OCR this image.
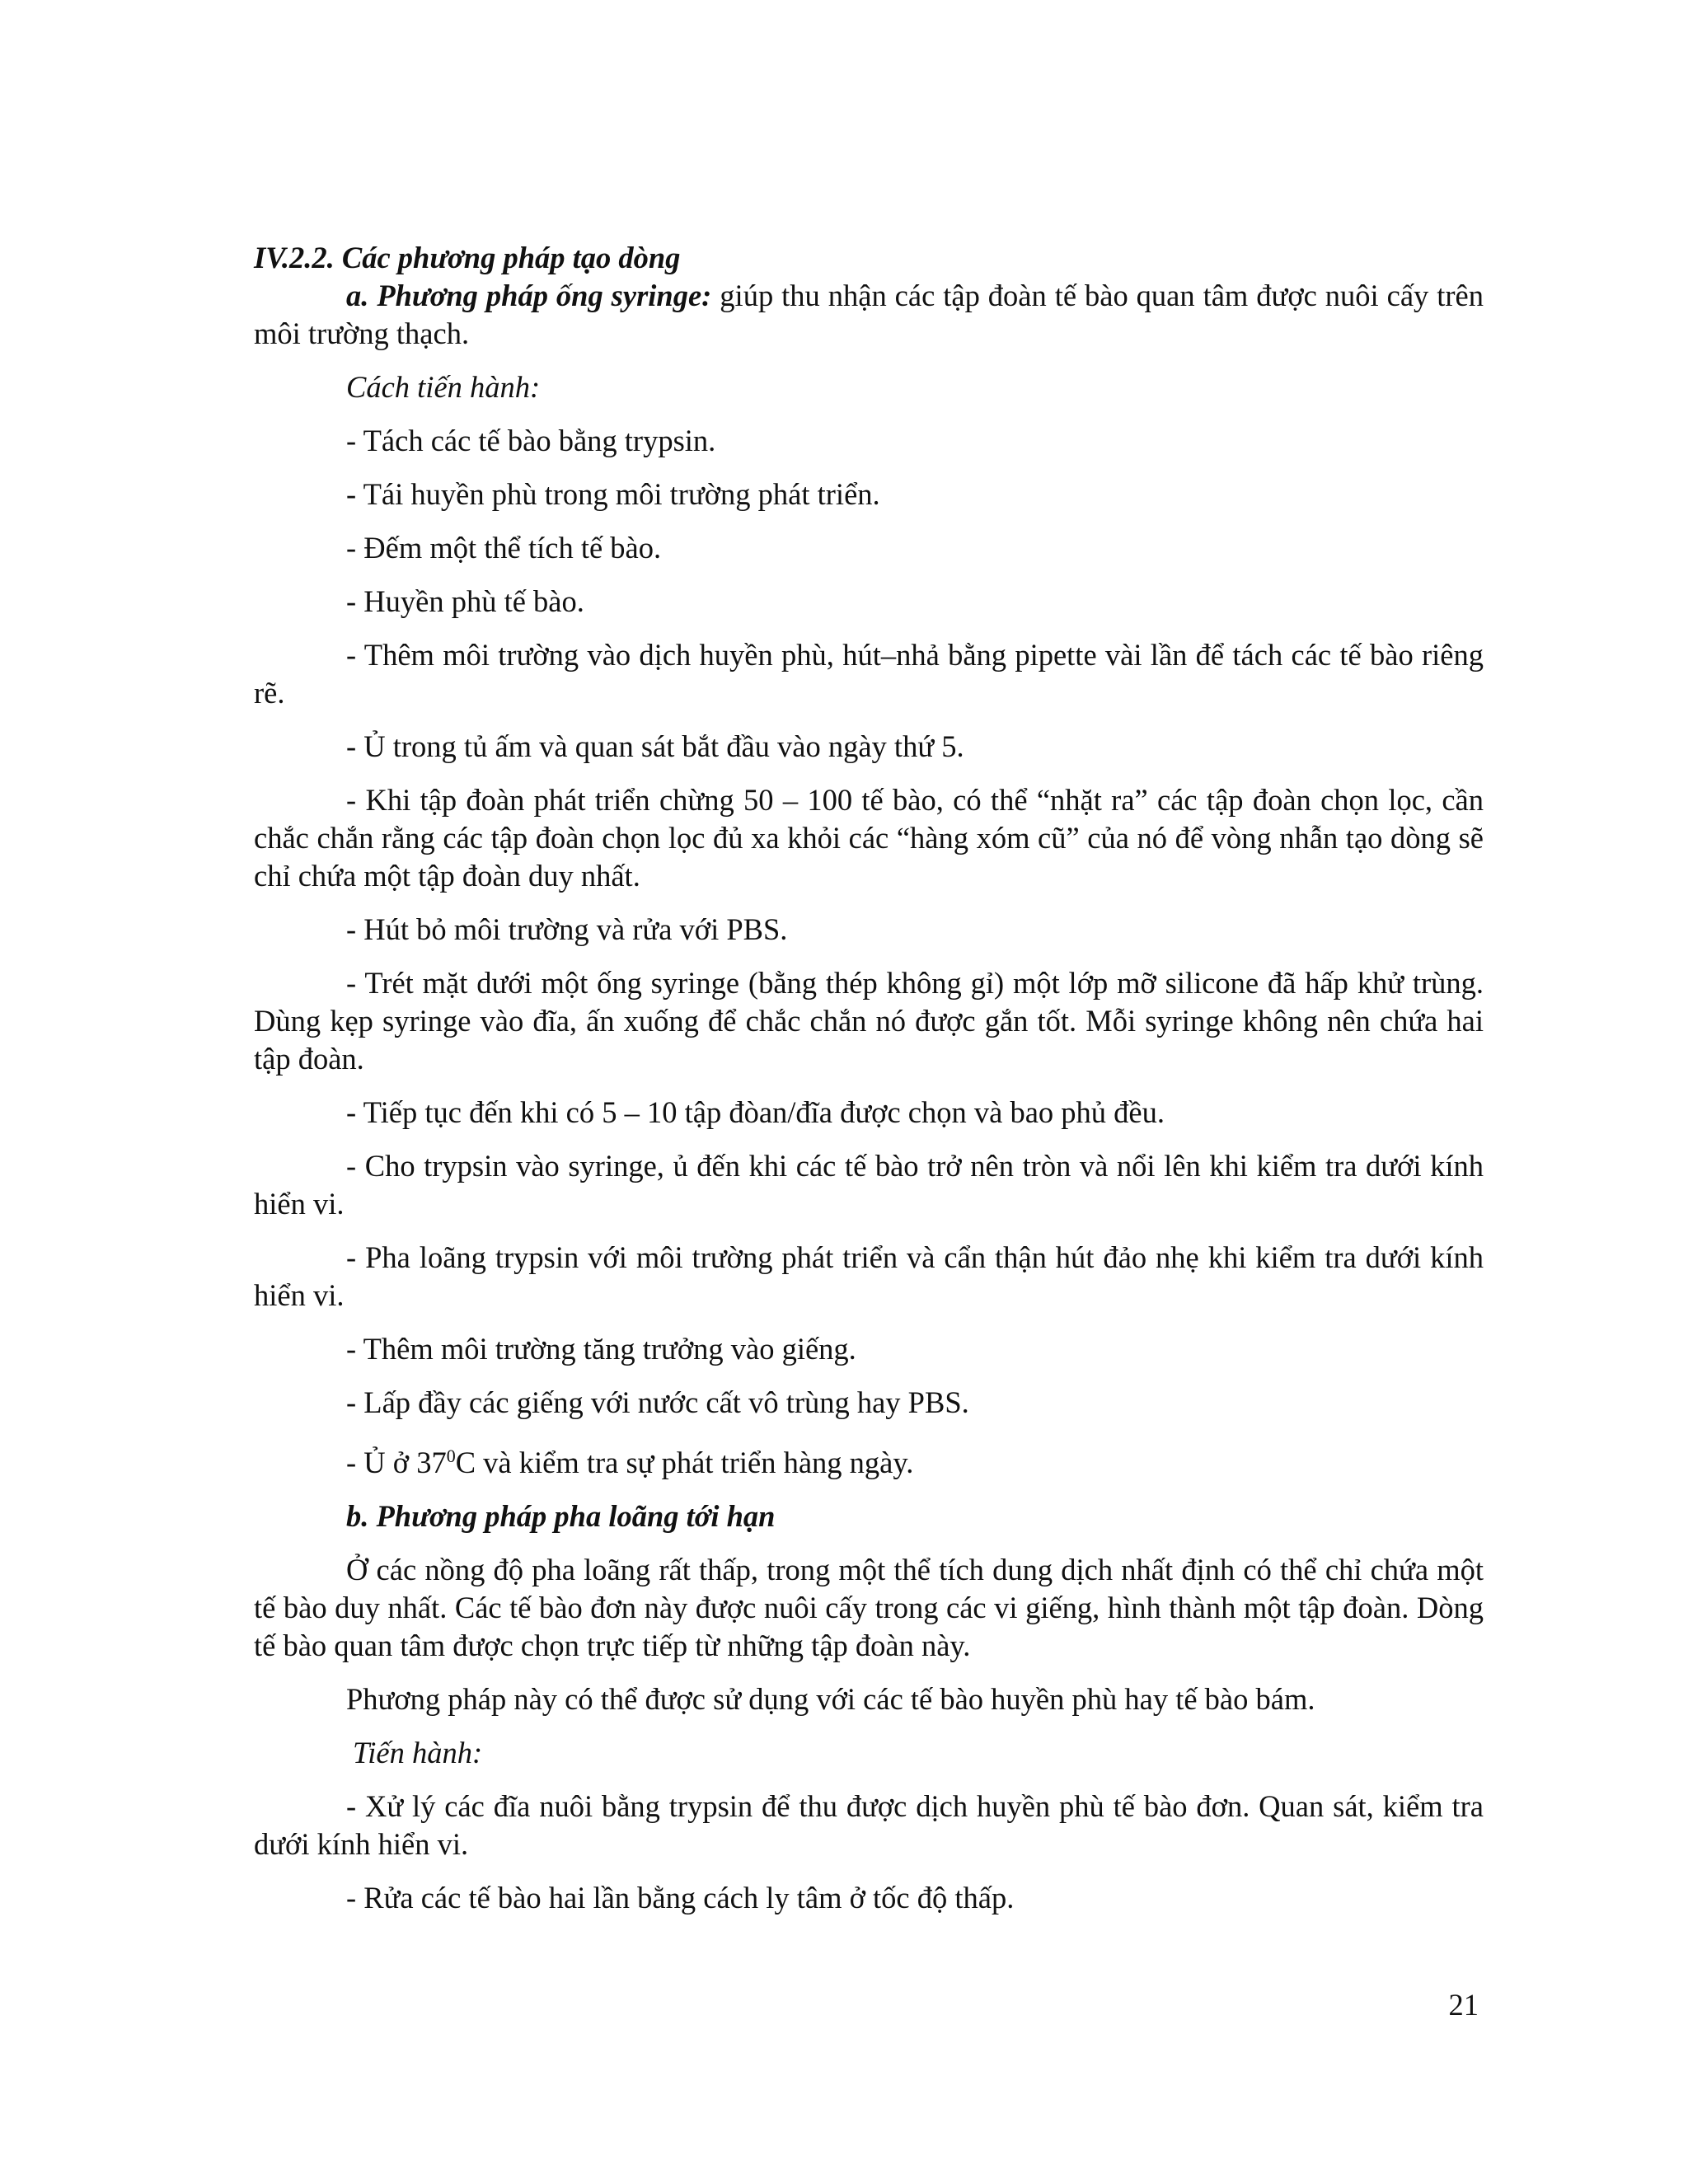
IV.2.2. Các phương pháp tạo dòng

a. Phương pháp ống syringe: giúp thu nhận các tập đoàn tế bào quan tâm được nuôi cấy trên môi trường thạch.

Cách tiến hành:

- Tách các tế bào bằng trypsin.

- Tái huyền phù trong môi trường phát triển.

- Đếm một thể tích tế bào.

- Huyền phù tế bào.

- Thêm môi trường vào dịch huyền phù, hút–nhả bằng pipette vài lần để tách các tế bào riêng rẽ.

- Ủ trong tủ ấm và quan sát bắt đầu vào ngày thứ 5.

- Khi tập đoàn phát triển chừng 50 – 100 tế bào, có thể “nhặt ra” các tập đoàn chọn lọc, cần chắc chắn rằng các tập đoàn chọn lọc đủ xa khỏi các “hàng xóm cũ” của nó để vòng nhẫn tạo dòng sẽ chỉ chứa một tập đoàn duy nhất.

- Hút bỏ môi trường và rửa với PBS.

- Trét mặt dưới một ống syringe (bằng thép không gỉ) một lớp mỡ silicone đã hấp khử trùng. Dùng kẹp syringe vào đĩa, ấn xuống để chắc chắn nó được gắn tốt. Mỗi syringe không nên chứa hai tập đoàn.

- Tiếp tục đến khi có 5 – 10 tập đòan/đĩa được chọn và bao phủ đều.

- Cho trypsin vào syringe, ủ đến khi các tế bào trở nên tròn và nổi lên khi kiểm tra dưới kính hiển vi.

- Pha loãng trypsin với môi trường phát triển và cẩn thận hút đảo nhẹ khi kiểm tra dưới kính hiển vi.

- Thêm môi trường tăng trưởng vào giếng.

- Lấp đầy các giếng với nước cất vô trùng hay PBS.

- Ủ ở $37^0C$ và kiểm tra sự phát triển hàng ngày.

b. Phương pháp pha loãng tới hạn

Ở các nồng độ pha loãng rất thấp, trong một thể tích dung dịch nhất định có thể chỉ chứa một tế bào duy nhất. Các tế bào đơn này được nuôi cấy trong các vi giếng, hình thành một tập đoàn. Dòng tế bào quan tâm được chọn trực tiếp từ những tập đoàn này.

Phương pháp này có thể được sử dụng với các tế bào huyền phù hay tế bào bám.

Tiến hành:

- Xử lý các đĩa nuôi bằng trypsin để thu được dịch huyền phù tế bào đơn. Quan sát, kiểm tra dưới kính hiển vi.

- Rửa các tế bào hai lần bằng cách ly tâm ở tốc độ thấp.

21
